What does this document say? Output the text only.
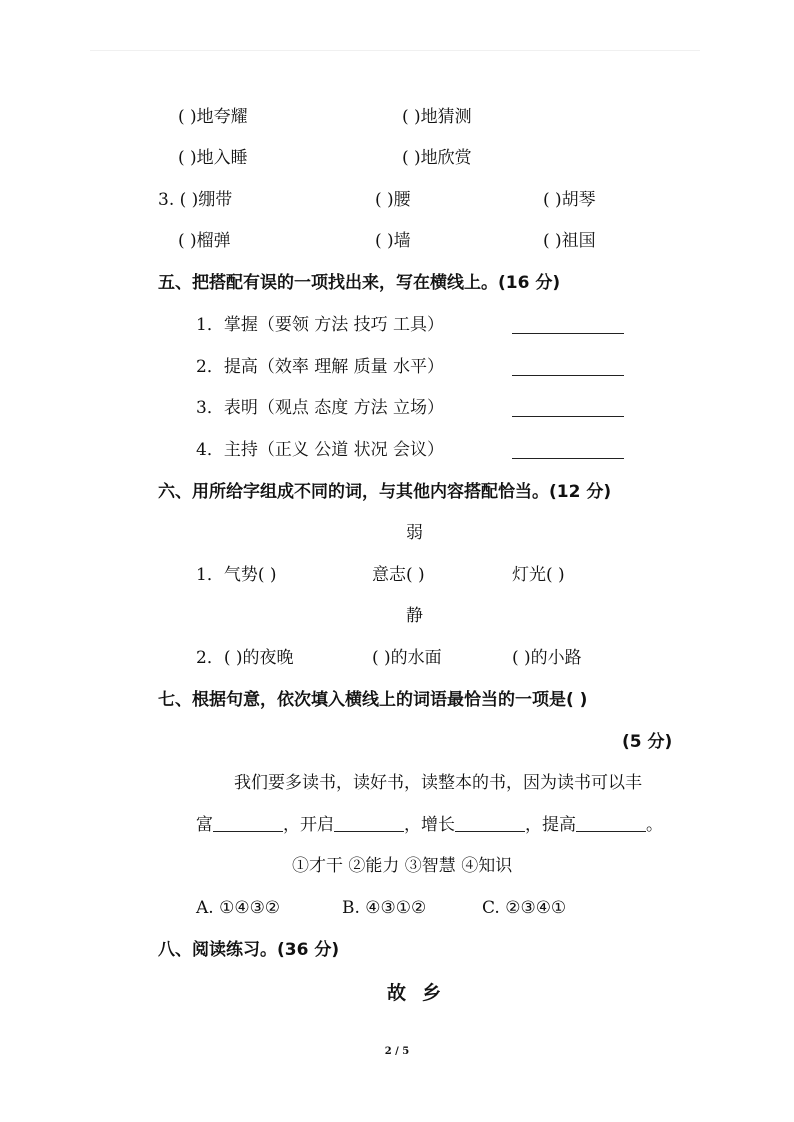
( )地夸耀	( )地猜测
( )地入睡	( )地欣赏
3. ( )绷带	( )腰	( )胡琴
( )榴弹	( )墙	( )祖国
五、把搭配有误的一项找出来，写在横线上。(16 分)
1．掌握（要领 方法 技巧 工具）
2．提高（效率 理解 质量 水平）
3．表明（观点 态度 方法 立场）
4．主持（正义 公道 状况 会议）
六、用所给字组成不同的词，与其他内容搭配恰当。(12 分)
弱
1．气势( )	意志( )	灯光( )
静
2．( )的夜晚	( )的水面	( )的小路
七、根据句意，依次填入横线上的词语最恰当的一项是( )
(5 分)
我们要多读书，读好书，读整本的书，因为读书可以丰
富	，开启	，增长	，提高	。
①才干 ②能力 ③智慧 ④知识
A. ①④③②	B. ④③①②	C. ②③④①
八、阅读练习。(36 分)
故乡
2 / 5
